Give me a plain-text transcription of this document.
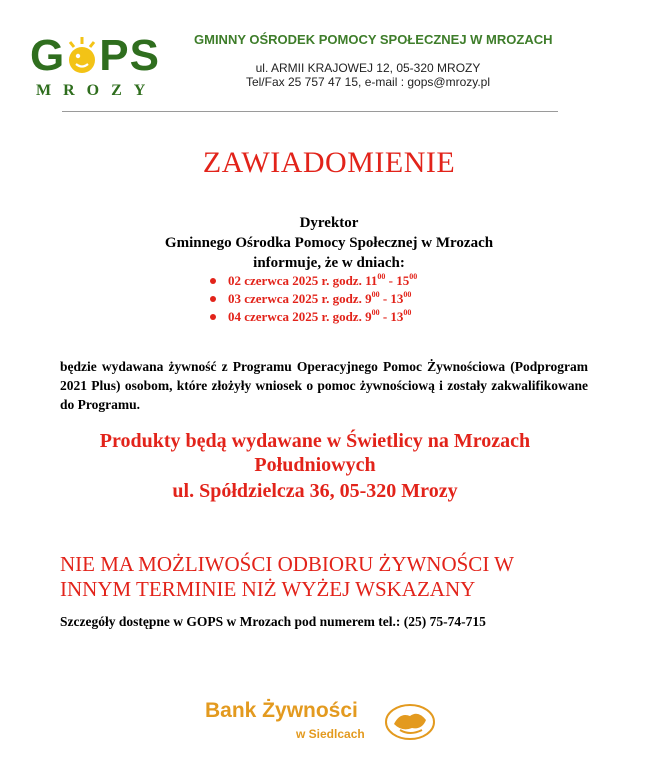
G PS
MROZY
GMINNY OŚRODEK POMOCY SPOŁECZNEJ W MROZACH
ul. ARMII KRAJOWEJ 12, 05-320 MROZY
Tel/Fax 25 757 47 15, e-mail : gops@mrozy.pl
ZAWIADOMIENIE
Dyrektor
Gminnego Ośrodka Pomocy Społecznej w Mrozach
informuje, że w dniach:
02 czerwca 2025 r. godz. $11^{00} - 15^{00}$
03 czerwca 2025 r. godz. $9^{00} - 13^{00}$
04 czerwca 2025 r. godz. $9^{00} - 13^{00}$
będzie wydawana żywność z Programu Operacyjnego Pomoc Żywnościowa (Podprogram 2021 Plus) osobom, które złożyły wniosek o pomoc żywnościową i zostały zakwalifikowane do Programu.
Produkty będą wydawane w Świetlicy na Mrozach
Południowych
ul. Spółdzielcza 36, 05-320 Mrozy
NIE MA MOŻLIWOŚCI ODBIORU ŻYWNOŚCI W
INNYM TERMINIE NIŻ WYŻEJ WSKAZANY
Szczegóły dostępne w GOPS w Mrozach pod numerem tel.: (25) 75-74-715
Bank Żywności
w Siedlcach
